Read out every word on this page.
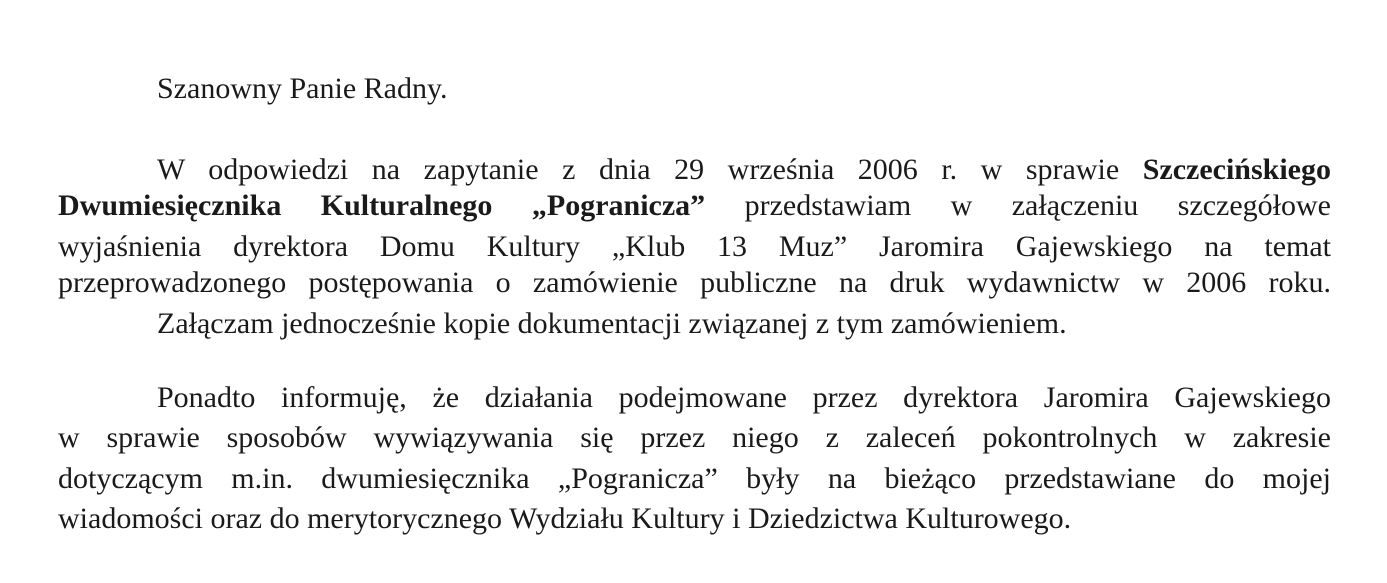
Szanowny Panie Radny.
W odpowiedzi na zapytanie z dnia 29 września 2006 r. w sprawie Szczecińskiego
Dwumiesięcznika Kulturalnego „Pogranicza” przedstawiam w załączeniu szczegółowe
wyjaśnienia dyrektora Domu Kultury „Klub 13 Muz” Jaromira Gajewskiego na temat
przeprowadzonego postępowania o zamówienie publiczne na druk wydawnictw w 2006 roku.
Załączam jednocześnie kopie dokumentacji związanej z tym zamówieniem.
Ponadto informuję, że działania podejmowane przez dyrektora Jaromira Gajewskiego
w sprawie sposobów wywiązywania się przez niego z zaleceń pokontrolnych w zakresie
dotyczącym m.in. dwumiesięcznika „Pogranicza” były na bieżąco przedstawiane do mojej
wiadomości oraz do merytorycznego Wydziału Kultury i Dziedzictwa Kulturowego.
